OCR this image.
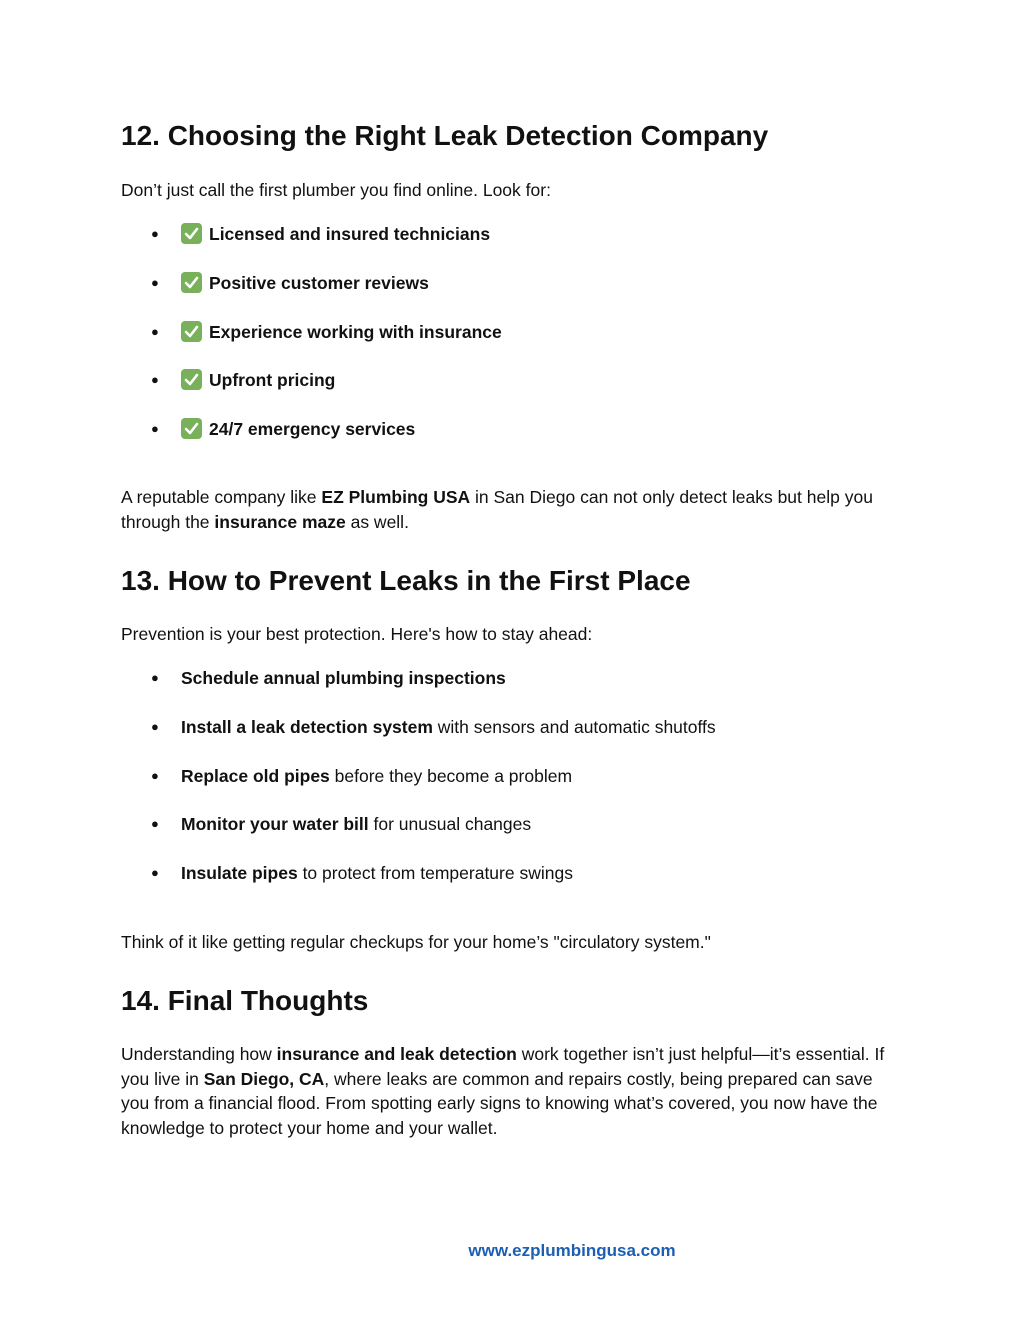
12. Choosing the Right Leak Detection Company

Don’t just call the first plumber you find online. Look for:

●	Licensed and insured technicians
●	Positive customer reviews
●	Experience working with insurance
●	Upfront pricing
●	24/7 emergency services

A reputable company like EZ Plumbing USA in San Diego can not only detect leaks but help you through the insurance maze as well.

13. How to Prevent Leaks in the First Place

Prevention is your best protection. Here's how to stay ahead:

● Schedule annual plumbing inspections
● Install a leak detection system with sensors and automatic shutoffs
● Replace old pipes before they become a problem
● Monitor your water bill for unusual changes
● Insulate pipes to protect from temperature swings

Think of it like getting regular checkups for your home’s "circulatory system."

14. Final Thoughts

Understanding how insurance and leak detection work together isn’t just helpful—it’s essential. If you live in San Diego, CA, where leaks are common and repairs costly, being prepared can save you from a financial flood. From spotting early signs to knowing what’s covered, you now have the knowledge to protect your home and your wallet.

www.ezplumbingusa.com
